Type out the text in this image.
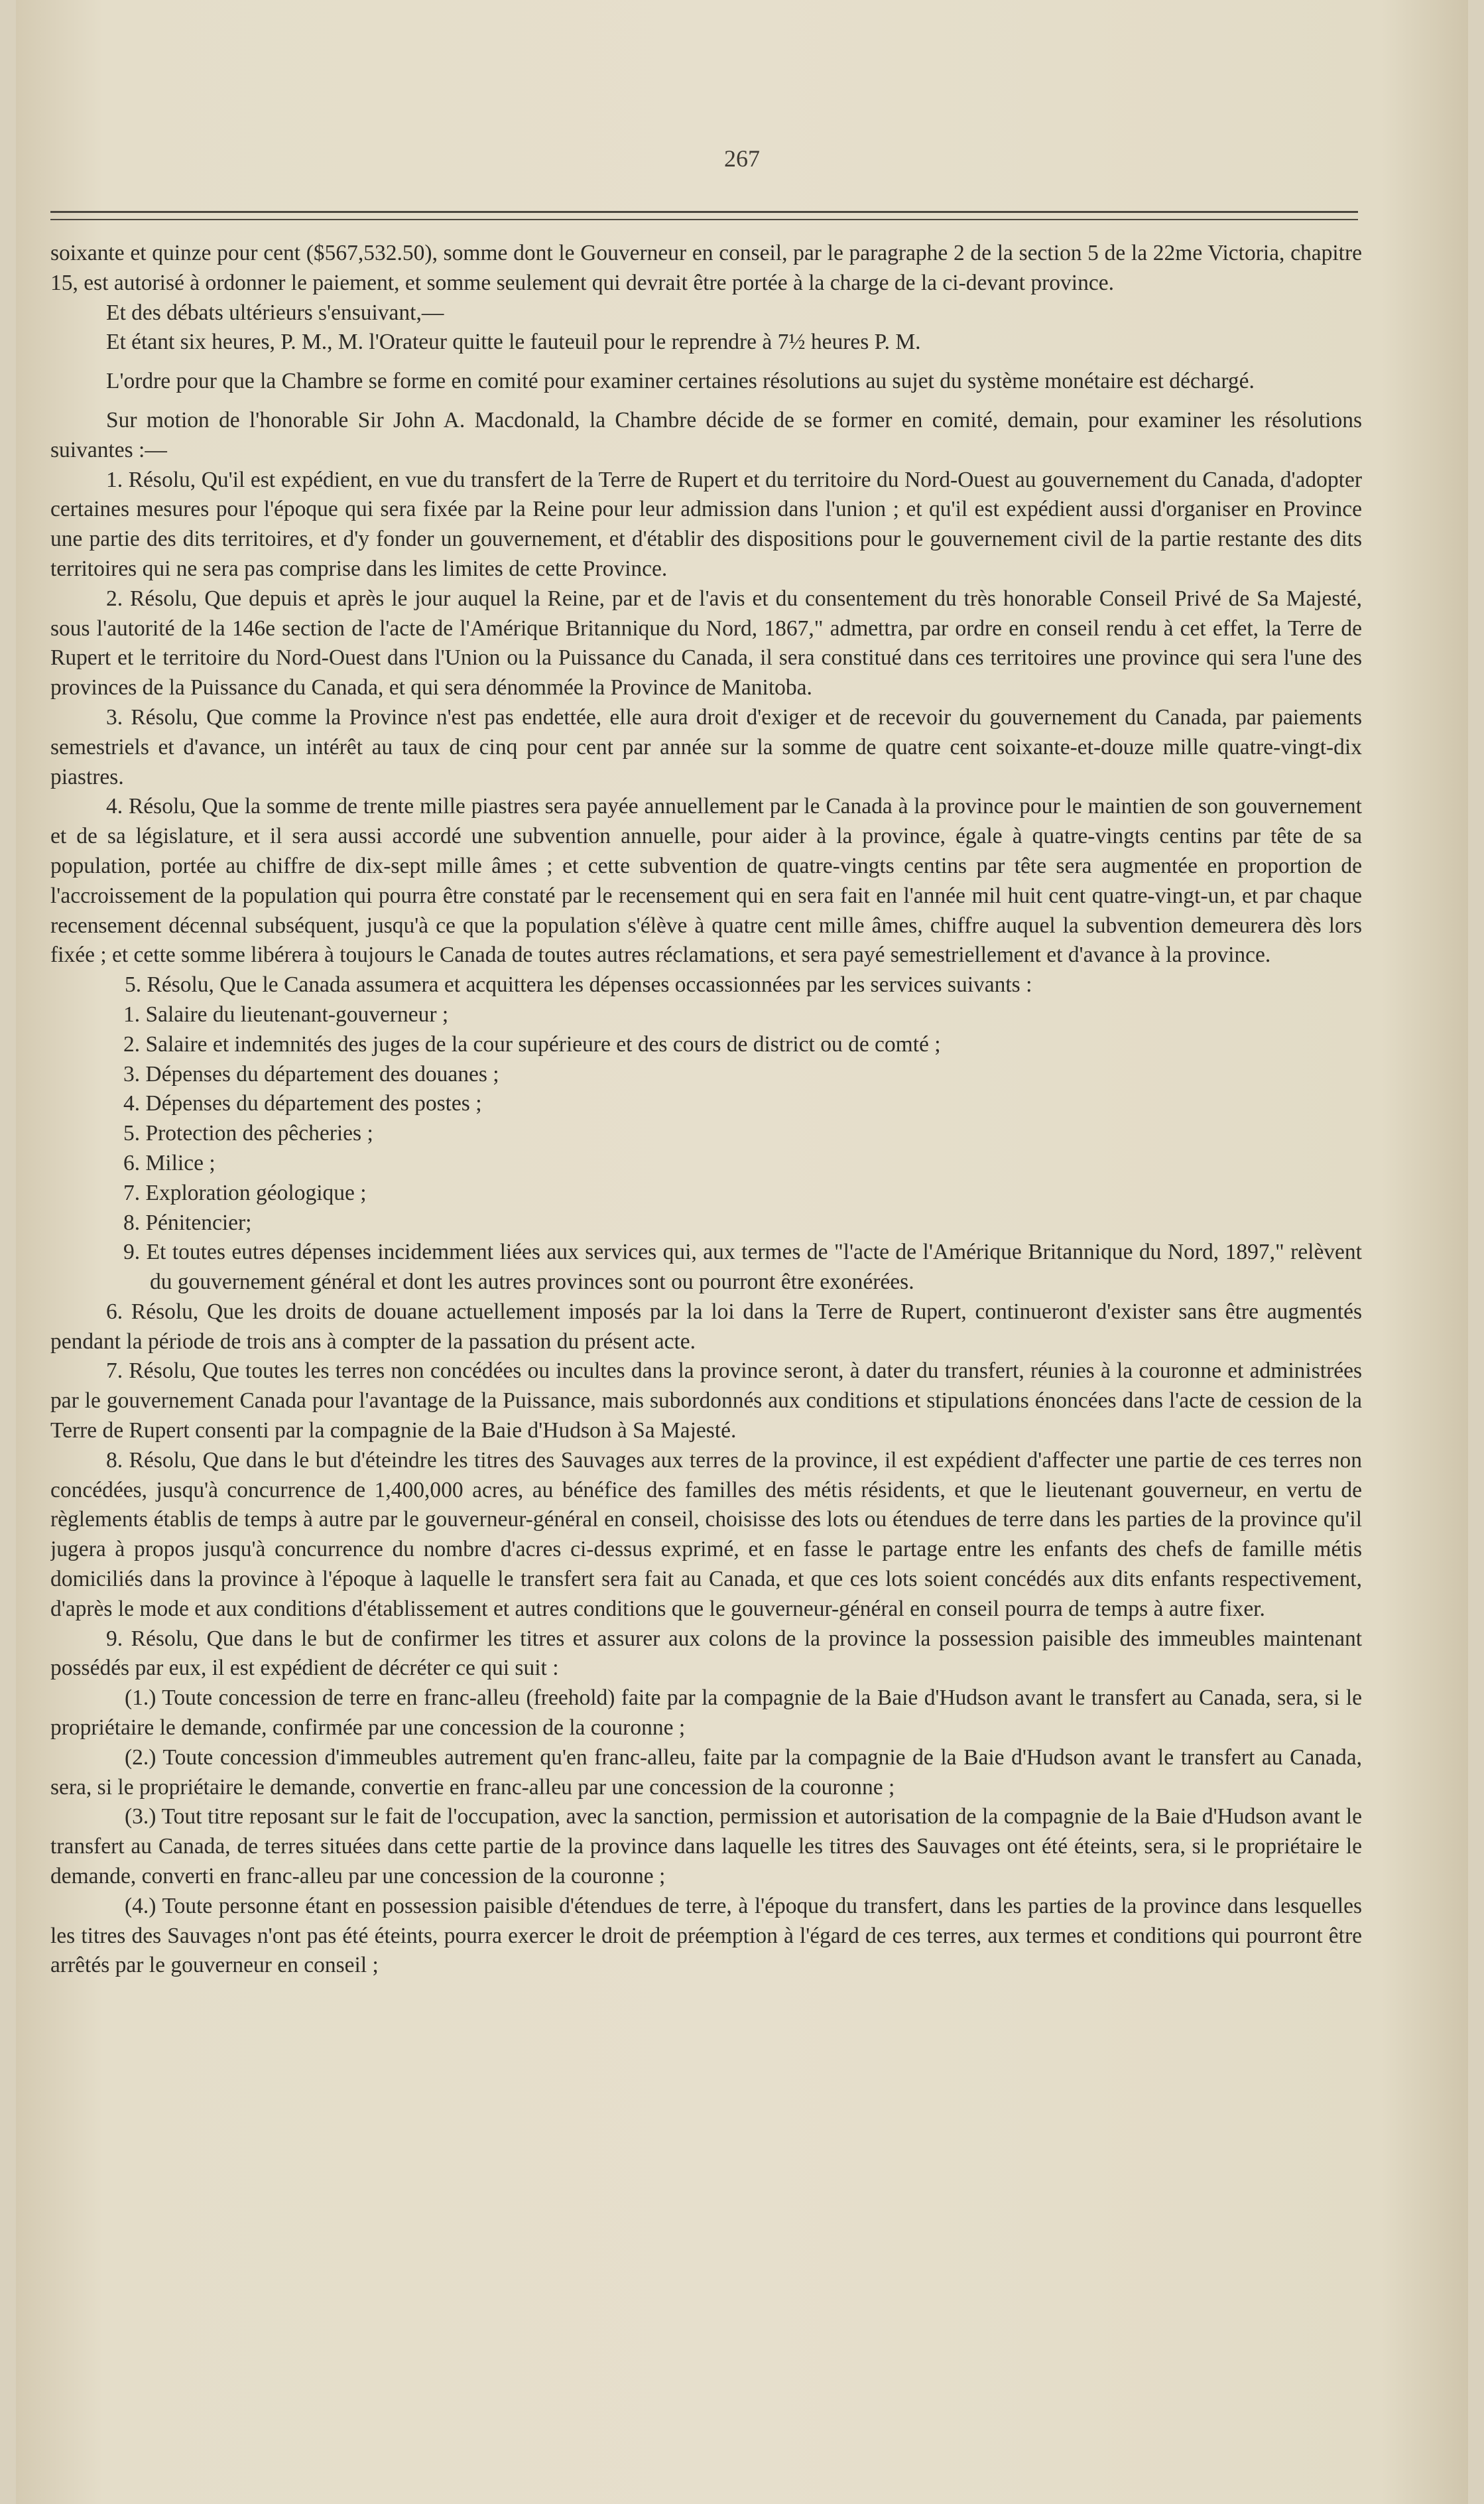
267

soixante et quinze pour cent ($567,532.50), somme dont le Gouverneur en conseil, par le paragraphe 2 de la section 5 de la 22me Victoria, chapitre 15, est autorisé à ordonner le paiement, et somme seulement qui devrait être portée à la charge de la ci-devant province.

Et des débats ultérieurs s'ensuivant,—

Et étant six heures, P. M., M. l'Orateur quitte le fauteuil pour le reprendre à 7½ heures P. M.

L'ordre pour que la Chambre se forme en comité pour examiner certaines résolutions au sujet du système monétaire est déchargé.

Sur motion de l'honorable Sir John A. Macdonald, la Chambre décide de se former en comité, demain, pour examiner les résolutions suivantes :—

1. Résolu, Qu'il est expédient, en vue du transfert de la Terre de Rupert et du territoire du Nord-Ouest au gouvernement du Canada, d'adopter certaines mesures pour l'époque qui sera fixée par la Reine pour leur admission dans l'union ; et qu'il est expédient aussi d'organiser en Province une partie des dits territoires, et d'y fonder un gouvernement, et d'établir des dispositions pour le gouvernement civil de la partie restante des dits territoires qui ne sera pas comprise dans les limites de cette Province.

2. Résolu, Que depuis et après le jour auquel la Reine, par et de l'avis et du consentement du très honorable Conseil Privé de Sa Majesté, sous l'autorité de la 146e section de l'acte de l'Amérique Britannique du Nord, 1867," admettra, par ordre en conseil rendu à cet effet, la Terre de Rupert et le territoire du Nord-Ouest dans l'Union ou la Puissance du Canada, il sera constitué dans ces territoires une province qui sera l'une des provinces de la Puissance du Canada, et qui sera dénommée la Province de Manitoba.

3. Résolu, Que comme la Province n'est pas endettée, elle aura droit d'exiger et de recevoir du gouvernement du Canada, par paiements semestriels et d'avance, un intérêt au taux de cinq pour cent par année sur la somme de quatre cent soixante-et-douze mille quatre-vingt-dix piastres.

4. Résolu, Que la somme de trente mille piastres sera payée annuellement par le Canada à la province pour le maintien de son gouvernement et de sa législature, et il sera aussi accordé une subvention annuelle, pour aider à la province, égale à quatre-vingts centins par tête de sa population, portée au chiffre de dix-sept mille âmes ; et cette subvention de quatre-vingts centins par tête sera augmentée en proportion de l'accroissement de la population qui pourra être constaté par le recensement qui en sera fait en l'année mil huit cent quatre-vingt-un, et par chaque recensement décennal subséquent, jusqu'à ce que la population s'élève à quatre cent mille âmes, chiffre auquel la subvention demeurera dès lors fixée ; et cette somme libérera à toujours le Canada de toutes autres réclamations, et sera payé semestriellement et d'avance à la province.

5. Résolu, Que le Canada assumera et acquittera les dépenses occassionnées par les services suivants :

1. Salaire du lieutenant-gouverneur ;

2. Salaire et indemnités des juges de la cour supérieure et des cours de district ou de comté ;

3. Dépenses du département des douanes ;

4. Dépenses du département des postes ;

5. Protection des pêcheries ;

6. Milice ;

7. Exploration géologique ;

8. Pénitencier;

9. Et toutes eutres dépenses incidemment liées aux services qui, aux termes de "l'acte de l'Amérique Britannique du Nord, 1897," relèvent du gouvernement général et dont les autres provinces sont ou pourront être exonérées.

6. Résolu, Que les droits de douane actuellement imposés par la loi dans la Terre de Rupert, continueront d'exister sans être augmentés pendant la période de trois ans à compter de la passation du présent acte.

7. Résolu, Que toutes les terres non concédées ou incultes dans la province seront, à dater du transfert, réunies à la couronne et administrées par le gouvernement Canada pour l'avantage de la Puissance, mais subordonnés aux conditions et stipulations énoncées dans l'acte de cession de la Terre de Rupert consenti par la compagnie de la Baie d'Hudson à Sa Majesté.

8. Résolu, Que dans le but d'éteindre les titres des Sauvages aux terres de la province, il est expédient d'affecter une partie de ces terres non concédées, jusqu'à concurrence de 1,400,000 acres, au bénéfice des familles des métis résidents, et que le lieutenant gouverneur, en vertu de règlements établis de temps à autre par le gouverneur-général en conseil, choisisse des lots ou étendues de terre dans les parties de la province qu'il jugera à propos jusqu'à concurrence du nombre d'acres ci-dessus exprimé, et en fasse le partage entre les enfants des chefs de famille métis domiciliés dans la province à l'époque à laquelle le transfert sera fait au Canada, et que ces lots soient concédés aux dits enfants respectivement, d'après le mode et aux conditions d'établissement et autres conditions que le gouverneur-général en conseil pourra de temps à autre fixer.

9. Résolu, Que dans le but de confirmer les titres et assurer aux colons de la province la possession paisible des immeubles maintenant possédés par eux, il est expédient de décréter ce qui suit :

(1.) Toute concession de terre en franc-alleu (freehold) faite par la compagnie de la Baie d'Hudson avant le transfert au Canada, sera, si le propriétaire le demande, confirmée par une concession de la couronne ;

(2.) Toute concession d'immeubles autrement qu'en franc-alleu, faite par la compagnie de la Baie d'Hudson avant le transfert au Canada, sera, si le propriétaire le demande, convertie en franc-alleu par une concession de la couronne ;

(3.) Tout titre reposant sur le fait de l'occupation, avec la sanction, permission et autorisation de la compagnie de la Baie d'Hudson avant le transfert au Canada, de terres situées dans cette partie de la province dans laquelle les titres des Sauvages ont été éteints, sera, si le propriétaire le demande, converti en franc-alleu par une concession de la couronne ;

(4.) Toute personne étant en possession paisible d'étendues de terre, à l'époque du transfert, dans les parties de la province dans lesquelles les titres des Sauvages n'ont pas été éteints, pourra exercer le droit de préemption à l'égard de ces terres, aux termes et conditions qui pourront être arrêtés par le gouverneur en conseil ;
